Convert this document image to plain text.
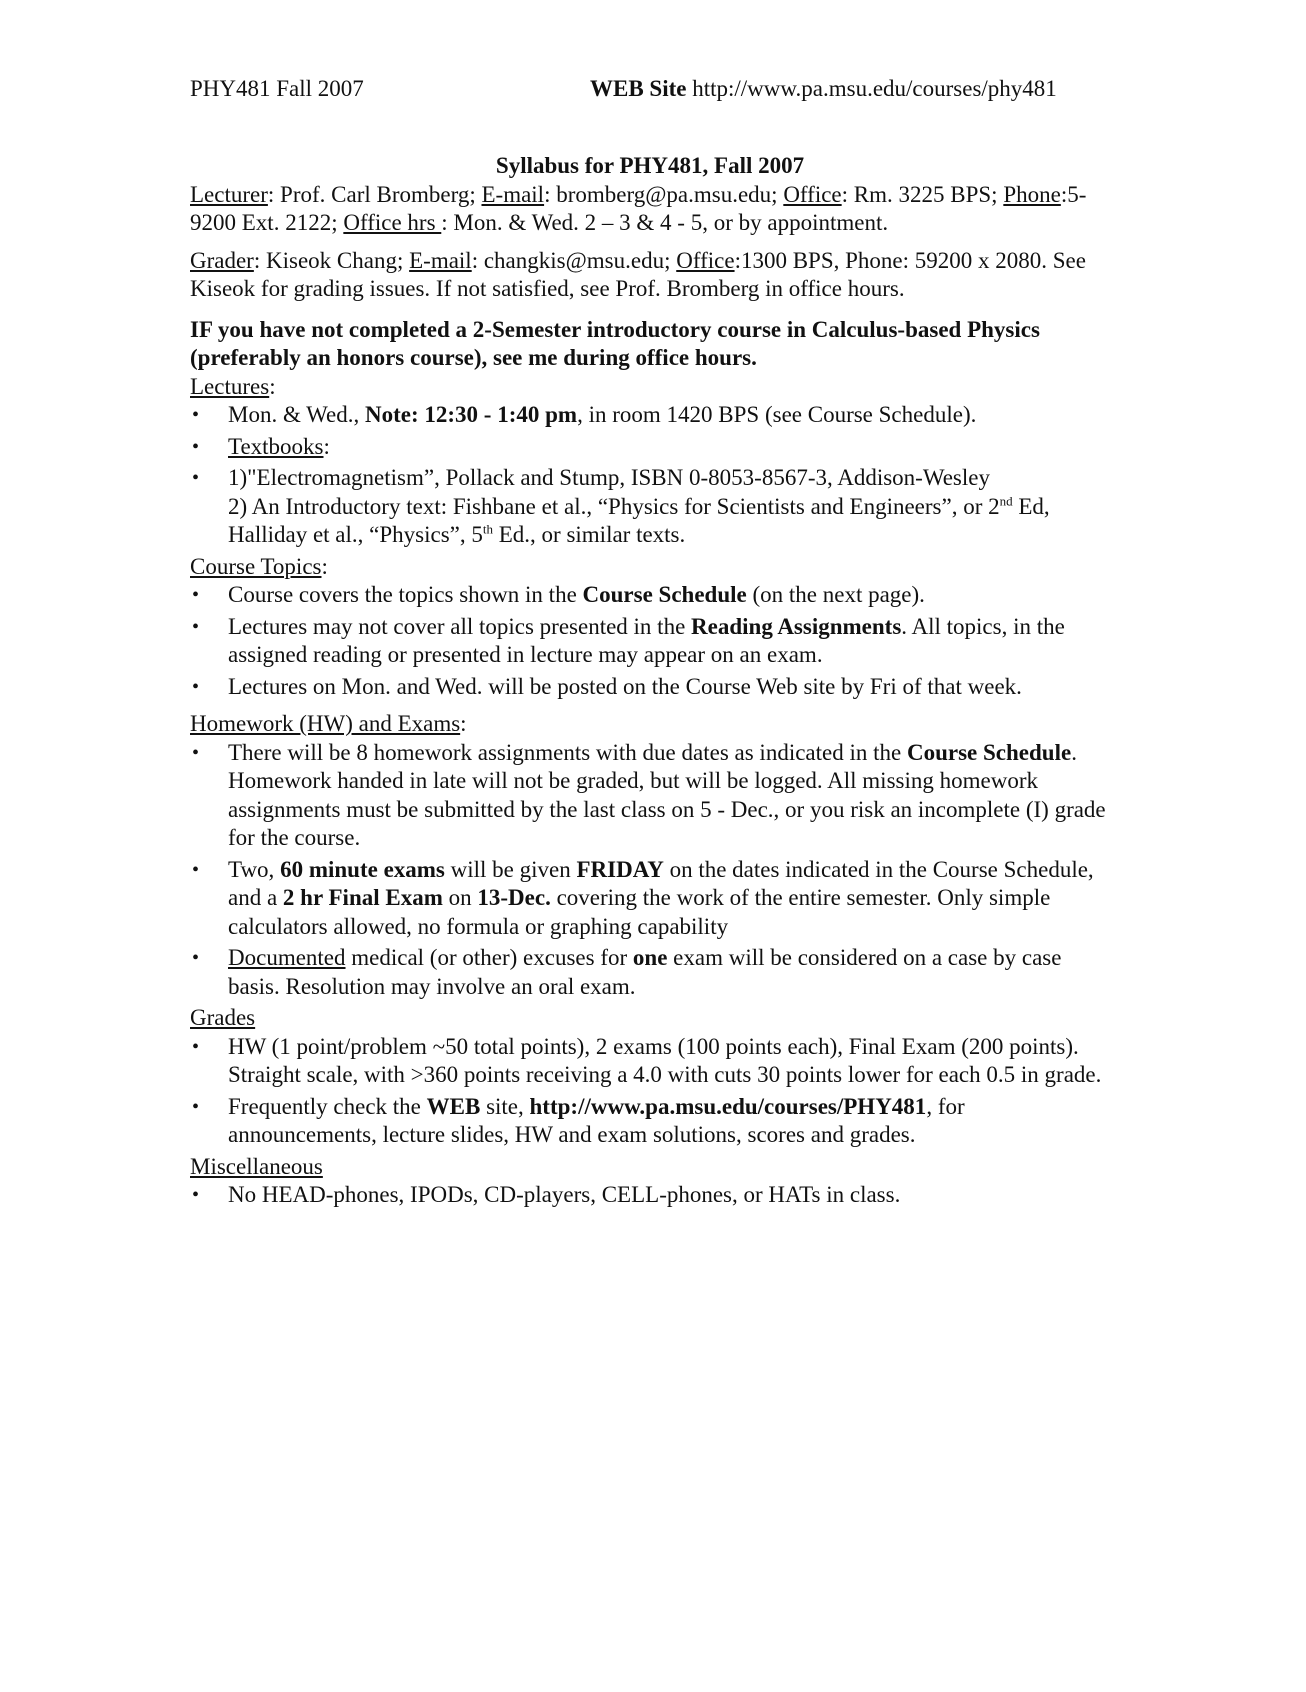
PHY481 Fall 2007	WEB Site http://www.pa.msu.edu/courses/phy481
Syllabus for PHY481, Fall 2007

Lecturer: Prof. Carl Bromberg; E-mail: bromberg@pa.msu.edu; Office: Rm. 3225 BPS; Phone:5-9200 Ext. 2122; Office hrs : Mon. & Wed. 2 – 3 & 4 - 5, or by appointment.

Grader: Kiseok Chang; E-mail: changkis@msu.edu; Office:1300 BPS, Phone: 59200 x 2080. See Kiseok for grading issues. If not satisfied, see Prof. Bromberg in office hours.

IF you have not completed a 2-Semester introductory course in Calculus-based Physics (preferably an honors course), see me during office hours.

Lectures:

• Mon. & Wed., Note: 12:30 - 1:40 pm, in room 1420 BPS (see Course Schedule).
• Textbooks:
• 1)"Electromagnetism”, Pollack and Stump, ISBN 0-8053-8567-3, Addison-Wesley
2) An Introductory text: Fishbane et al., “Physics for Scientists and Engineers”, or 2nd Ed, Halliday et al., “Physics”, 5th Ed., or similar texts.

Course Topics:

• Course covers the topics shown in the Course Schedule (on the next page).
• Lectures may not cover all topics presented in the Reading Assignments. All topics, in the assigned reading or presented in lecture may appear on an exam.
• Lectures on Mon. and Wed. will be posted on the Course Web site by Fri of that week.

Homework (HW) and Exams:

• There will be 8 homework assignments with due dates as indicated in the Course Schedule. Homework handed in late will not be graded, but will be logged. All missing homework assignments must be submitted by the last class on 5 - Dec., or you risk an incomplete (I) grade for the course.
• Two, 60 minute exams will be given FRIDAY on the dates indicated in the Course Schedule, and a 2 hr Final Exam on 13-Dec. covering the work of the entire semester. Only simple calculators allowed, no formula or graphing capability
• Documented medical (or other) excuses for one exam will be considered on a case by case basis. Resolution may involve an oral exam.

Grades

• HW (1 point/problem ~50 total points), 2 exams (100 points each), Final Exam (200 points). Straight scale, with >360 points receiving a 4.0 with cuts 30 points lower for each 0.5 in grade.
• Frequently check the WEB site, http://www.pa.msu.edu/courses/PHY481, for announcements, lecture slides, HW and exam solutions, scores and grades.

Miscellaneous

• No HEAD-phones, IPODs, CD-players, CELL-phones, or HATs in class.
